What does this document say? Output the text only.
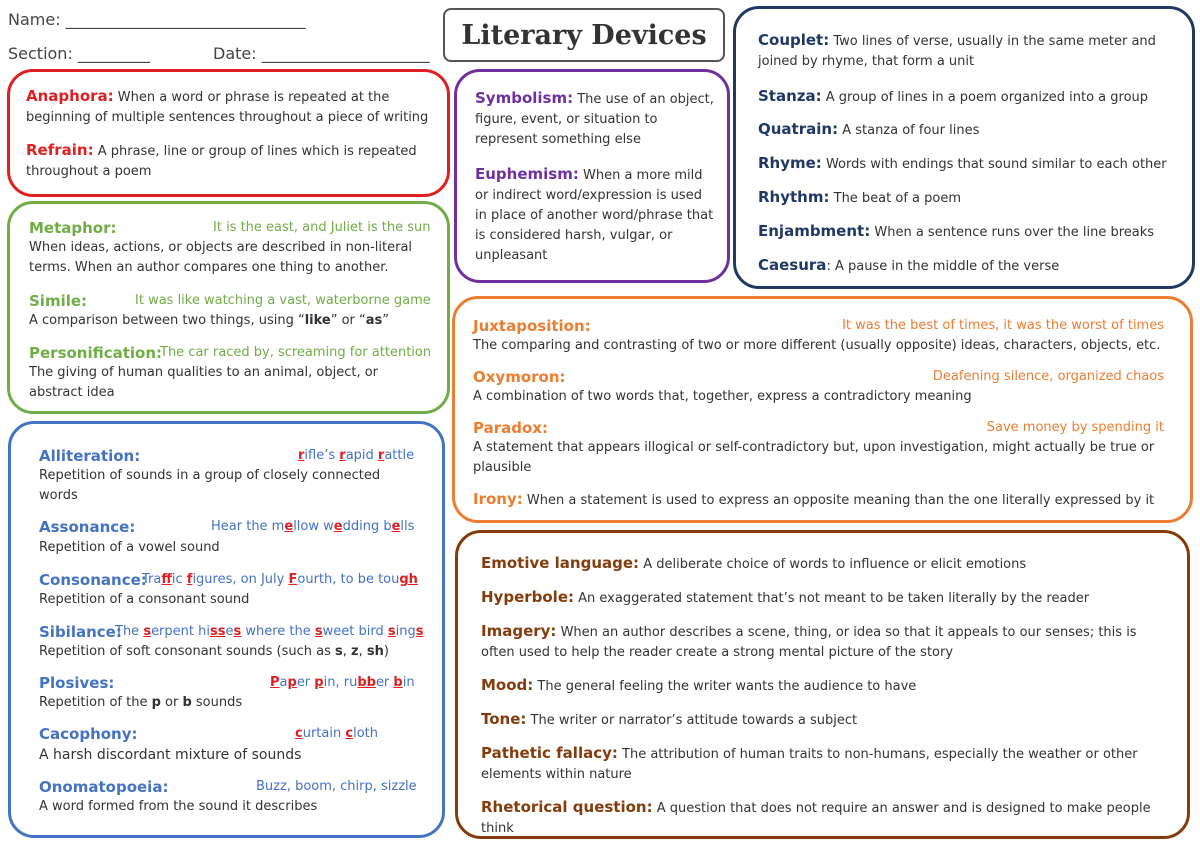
Name: ______________________________
Section: _________	Date: _____________________
Literary Devices
Anaphora: When a word or phrase is repeated at the beginning of multiple sentences throughout a piece of writing
Refrain: A phrase, line or group of lines which is repeated throughout a poem
Metaphor:	It is the east, and Juliet is the sun
When ideas, actions, or objects are described in non-literal terms. When an author compares one thing to another.
Simile:	It was like watching a vast, waterborne game
A comparison between two things, using “like” or “as”
Personification:
The car raced by, screaming for attention
The giving of human qualities to an animal, object, or abstract idea
Symbolism: The use of an object, figure, event, or situation to represent something else
Euphemism: When a more mild or indirect word/expression is used in place of another word/phrase that is considered harsh, vulgar, or unpleasant
Couplet: Two lines of verse, usually in the same meter and joined by rhyme, that form a unit
Stanza: A group of lines in a poem organized into a group
Quatrain: A stanza of four lines
Rhyme: Words with endings that sound similar to each other
Rhythm: The beat of a poem
Enjambment: When a sentence runs over the line breaks
Caesura: A pause in the middle of the verse
Juxtaposition:	It was the best of times, it was the worst of times
The comparing and contrasting of two or more different (usually opposite) ideas, characters, objects, etc.
Oxymoron:	Deafening silence, organized chaos
A combination of two words that, together, express a contradictory meaning
Paradox:	Save money by spending it
A statement that appears illogical or self-contradictory but, upon investigation, might actually be true or plausible
Irony: When a statement is used to express an opposite meaning than the one literally expressed by it
Alliteration:	rifle’s rapid rattle
Repetition of sounds in a group of closely connected words
Assonance:	Hear the mellow wedding bells
Repetition of a vowel sound
Consonance:
Traffic figures, on July Fourth, to be tough
Repetition of a consonant sound
Sibilance:
The serpent hisses where the sweet bird sings
Repetition of soft consonant sounds (such as s, z, sh)
Plosives:	Paper pin, rubber bin
Repetition of the p or b sounds
Cacophony:	curtain cloth
A harsh discordant mixture of sounds
Onomatopoeia:	Buzz, boom, chirp, sizzle
A word formed from the sound it describes
Emotive language: A deliberate choice of words to influence or elicit emotions
Hyperbole: An exaggerated statement that’s not meant to be taken literally by the reader
Imagery: When an author describes a scene, thing, or idea so that it appeals to our senses; this is often used to help the reader create a strong mental picture of the story
Mood: The general feeling the writer wants the audience to have
Tone: The writer or narrator’s attitude towards a subject
Pathetic fallacy: The attribution of human traits to non-humans, especially the weather or other elements within nature
Rhetorical question: A question that does not require an answer and is designed to make people think
